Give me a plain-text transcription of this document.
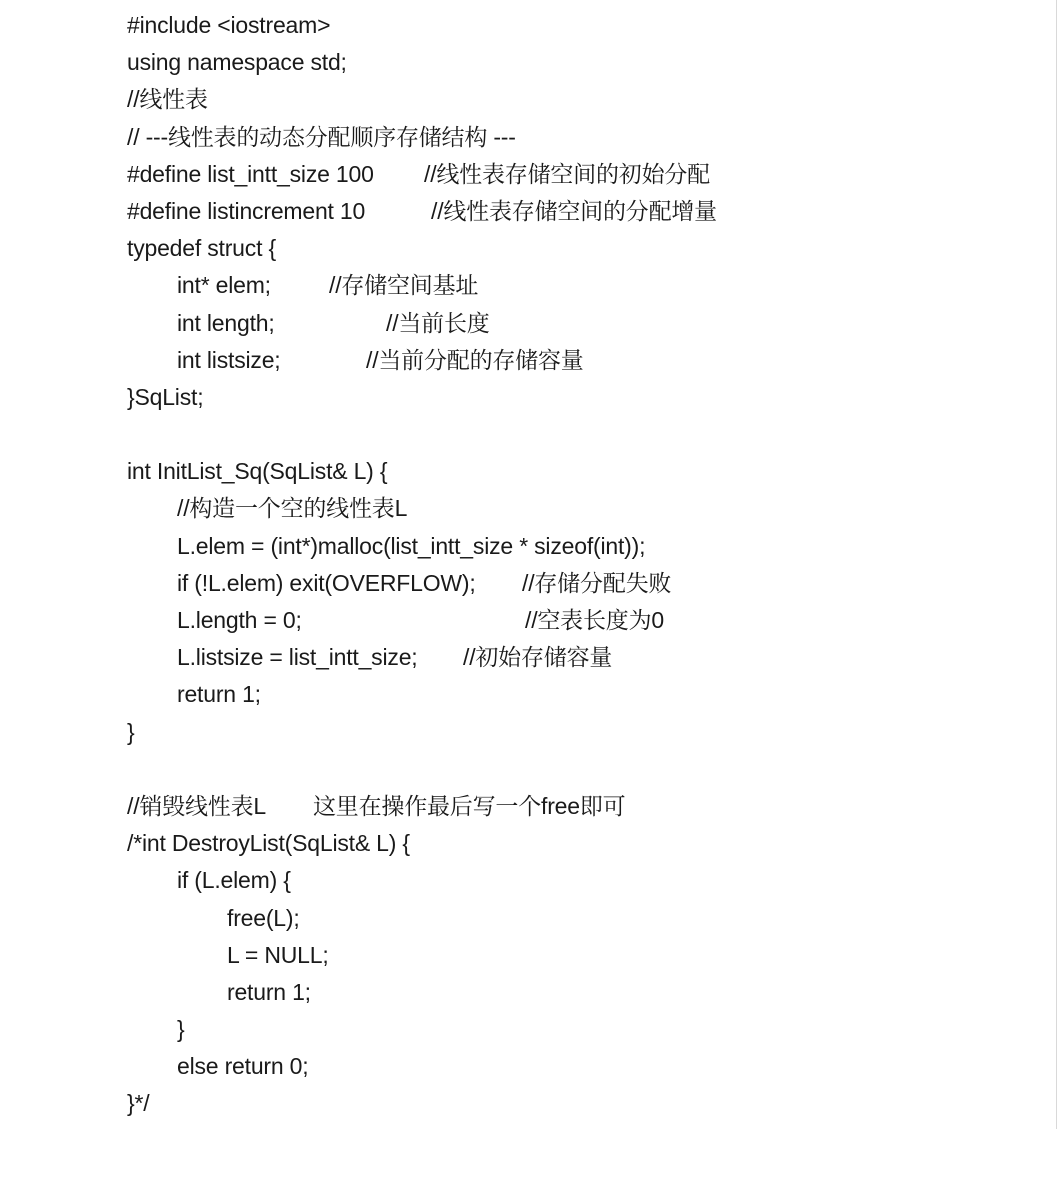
#include <iostream>

using namespace std;

//线性表

// ---线性表的动态分配顺序存储结构 ---

#define list_intt_size 100

//线性表存储空间的初始分配

#define listincrement 10

	//线性表存储空间的分配增量

typedef struct {

int* elem;

	//存储空间基址

int length;

	//当前长度

int listsize;

	//当前分配的存储容量

}SqList;

int InitList_Sq(SqList& L) {

//构造一个空的线性表L

L.elem = (int*)malloc(list_intt_size * sizeof(int));

if (!L.elem) exit(OVERFLOW);

//存储分配失败

L.length = 0;

	//空表长度为0

L.listsize = list_intt_size;

//初始存储容量

return 1;

}

//销毁线性表L

这里在操作最后写一个free即可

/*int DestroyList(SqList& L) {

if (L.elem) {

free(L);

L = NULL;

return 1;

}

else return 0;

}*/
